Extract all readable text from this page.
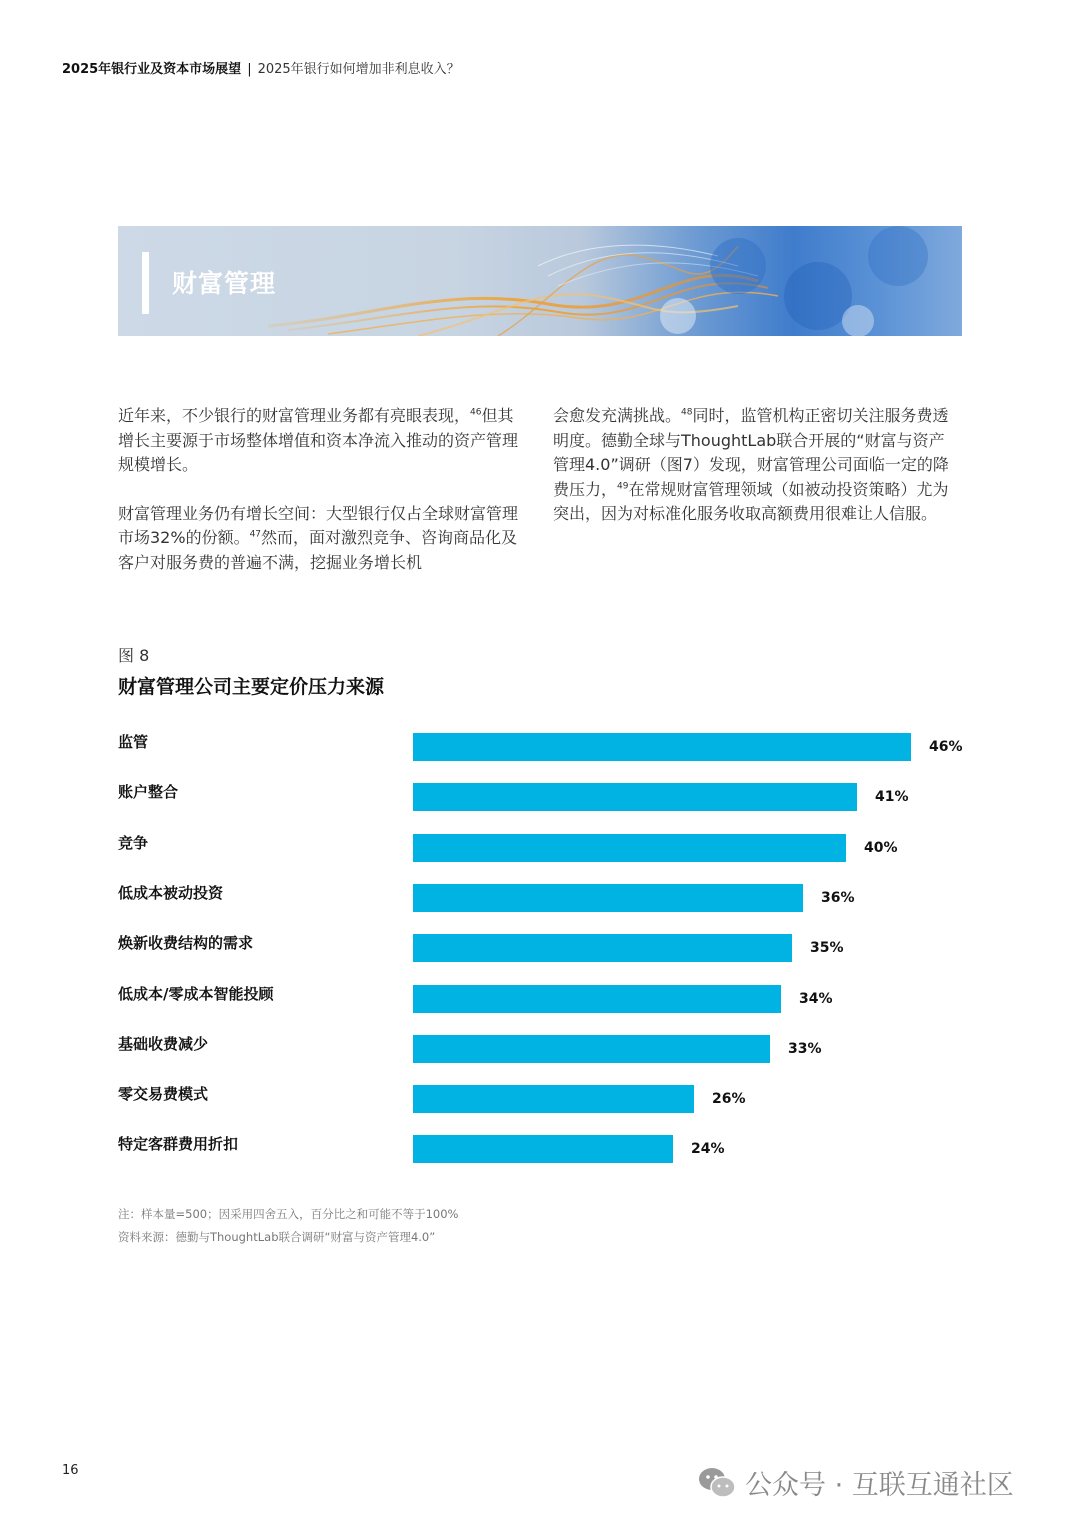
2025年银行业及资本市场展望 | 2025年银行如何增加非利息收入？
财富管理

近年来，不少银行的财富管理业务都有亮眼表现，$^{46}$但其增长主要源于市场整体增值和资本净流入推动的资产管理规模增长。

财富管理业务仍有增长空间：大型银行仅占全球财富管理市场32%的份额。$^{47}$然而，面对激烈竞争、咨询商品化及客户对服务费的普遍不满，挖掘业务增长机

会愈发充满挑战。$^{48}$同时，监管机构正密切关注服务费透明度。德勤全球与ThoughtLab联合开展的“财富与资产管理4.0”调研（图7）发现，财富管理公司面临一定的降费压力，$^{49}$在常规财富管理领域（如被动投资策略）尤为突出，因为对标准化服务收取高额费用很难让人信服。

图 8
财富管理公司主要定价压力来源
监管	46%
账户整合	41%
竞争	40%
低成本被动投资	36%
焕新收费结构的需求	35%
低成本/零成本智能投顾	34%
基础收费减少	33%
零交易费模式	26%
特定客群费用折扣	24%
注：样本量=500；因采用四舍五入，百分比之和可能不等于100%
资料来源：德勤与ThoughtLab联合调研“财富与资产管理4.0”
16	公众号 · 互联互通社区
